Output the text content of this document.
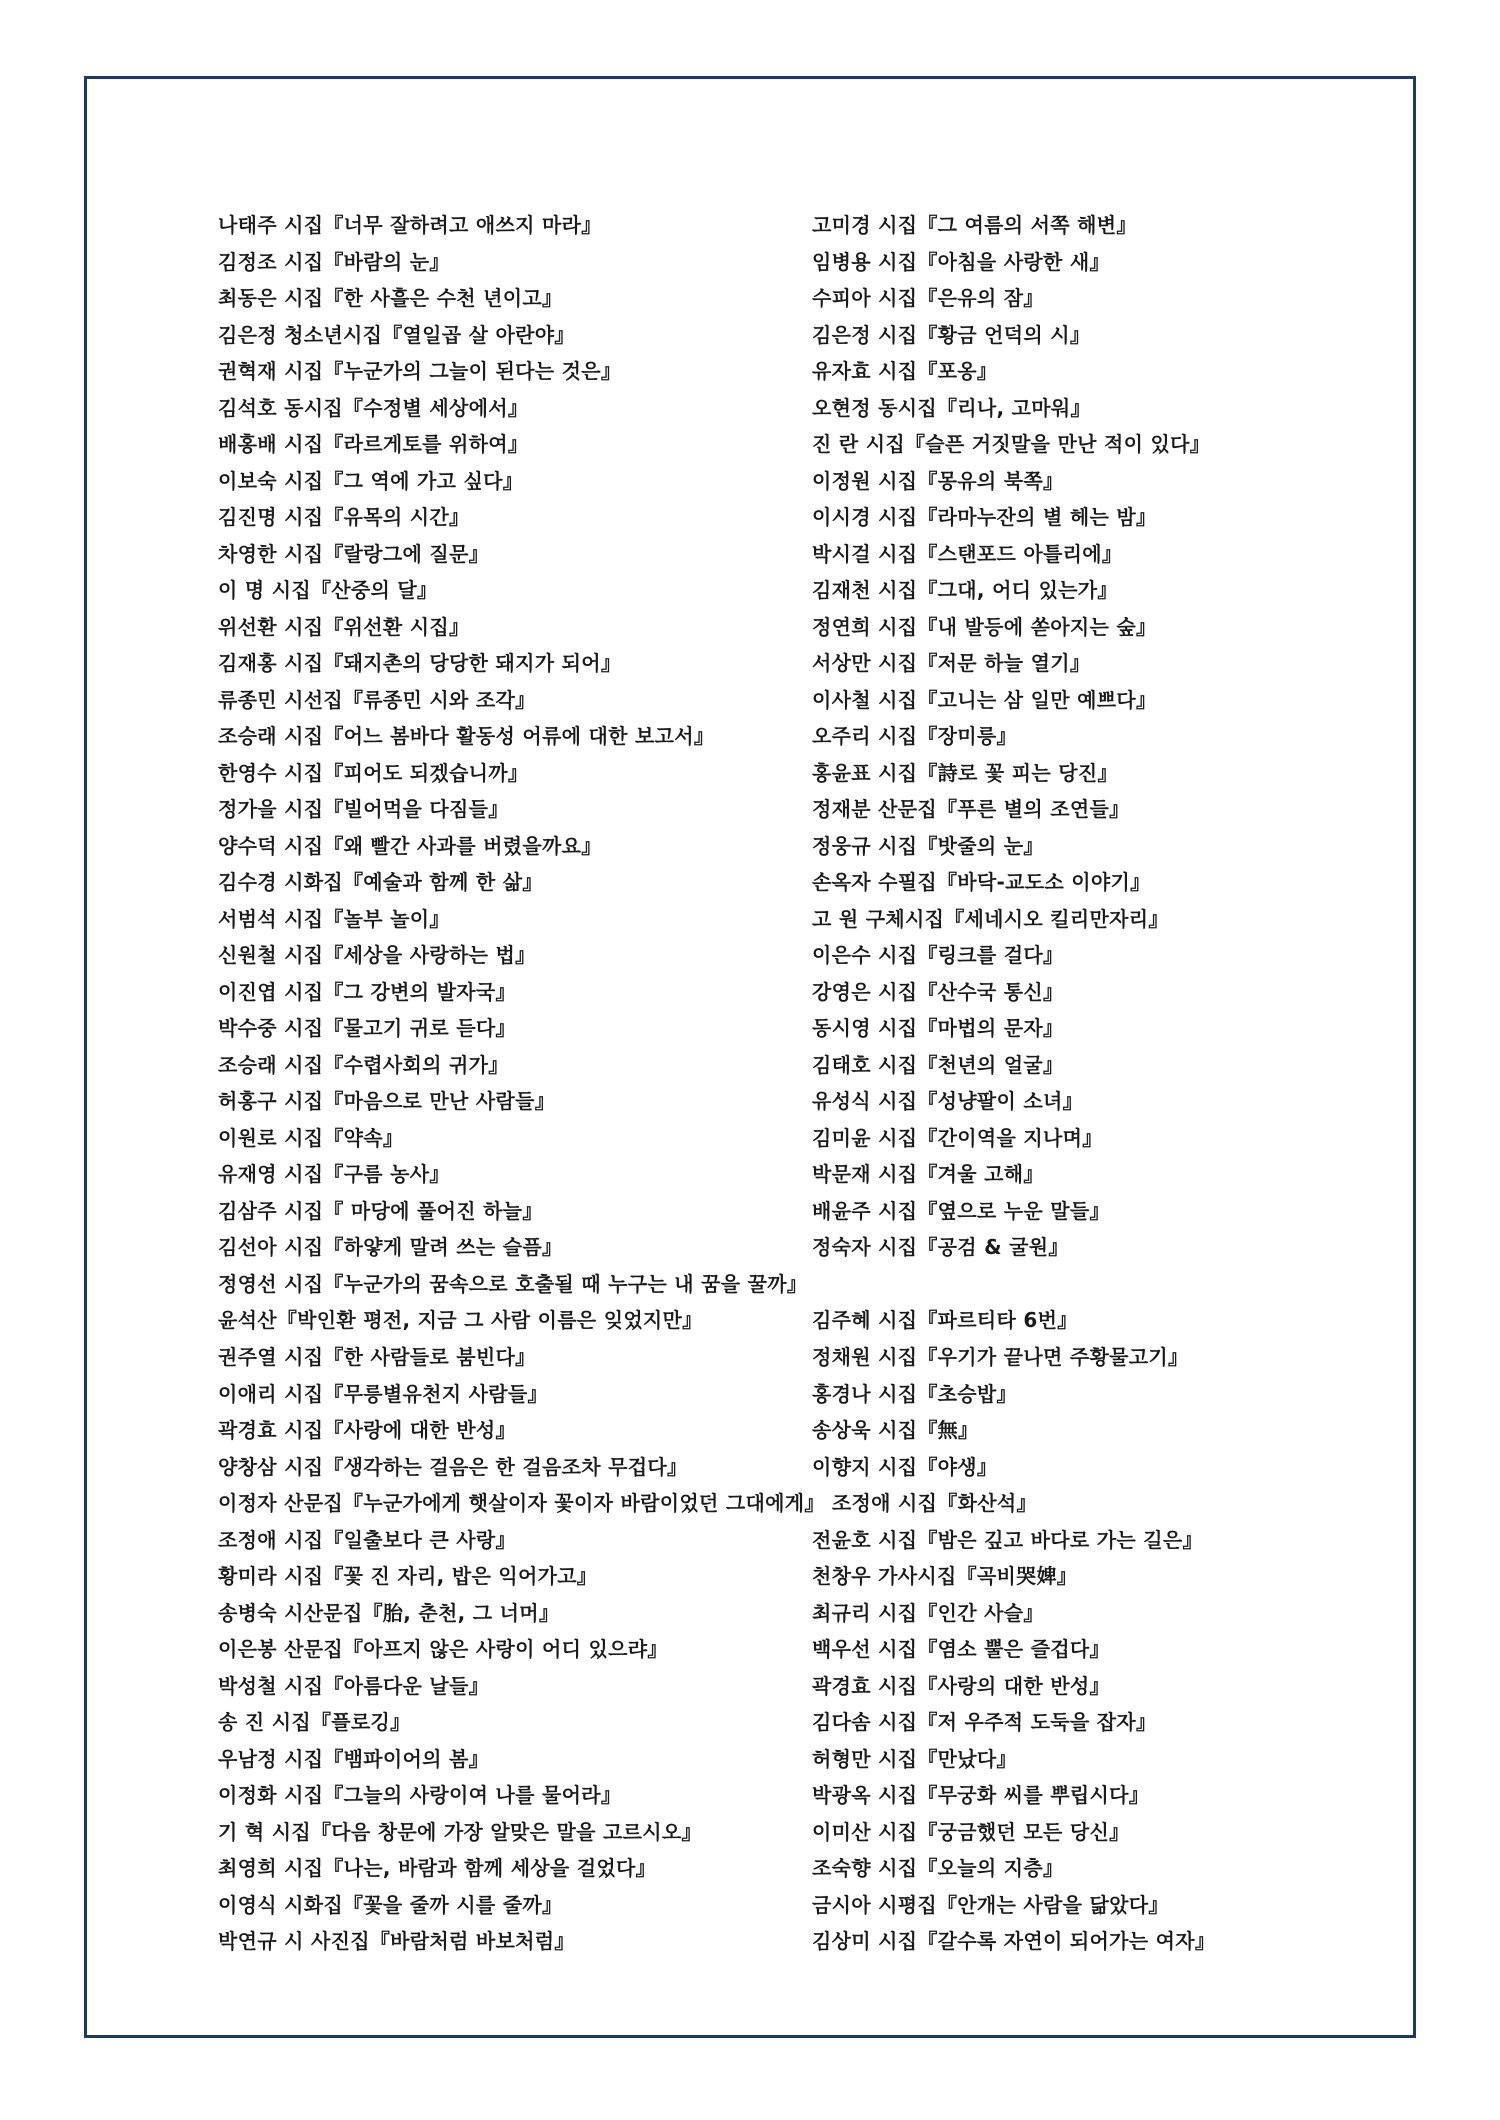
나태주 시집『너무 잘하려고 애쓰지 마라』	고미경 시집『그 여름의 서쪽 해변』
김정조 시집『바람의 눈』	임병용 시집『아침을 사랑한 새』
최동은 시집『한 사흘은 수천 년이고』	수피아 시집『은유의 잠』
김은정 청소년시집『열일곱 살 아란야』	김은정 시집『황금 언덕의 시』
권혁재 시집『누군가의 그늘이 된다는 것은』	유자효 시집『포옹』
김석호 동시집『수정별 세상에서』	오현정 동시집『리나, 고마워』
배홍배 시집『라르게토를 위하여』	진 란 시집『슬픈 거짓말을 만난 적이 있다』
이보숙 시집『그 역에 가고 싶다』	이정원 시집『몽유의 북쪽』
김진명 시집『유목의 시간』	이시경 시집『라마누잔의 별 헤는 밤』
차영한 시집『랄랑그에 질문』	박시걸 시집『스탠포드 아틀리에』
이 명 시집『산중의 달』	김재천 시집『그대, 어디 있는가』
위선환 시집『위선환 시집』	정연희 시집『내 발등에 쏟아지는 숲』
김재홍 시집『돼지촌의 당당한 돼지가 되어』	서상만 시집『저문 하늘 열기』
류종민 시선집『류종민 시와 조각』	이사철 시집『고니는 삼 일만 예쁘다』
조승래 시집『어느 봄바다 활동성 어류에 대한 보고서』	오주리 시집『장미릉』
한영수 시집『피어도 되겠습니까』	홍윤표 시집『詩로 꽃 피는 당진』
정가을 시집『빌어먹을 다짐들』	정재분 산문집『푸른 별의 조연들』
양수덕 시집『왜 빨간 사과를 버렸을까요』	정웅규 시집『밧줄의 눈』
김수경 시화집『예술과 함께 한 삶』	손옥자 수필집『바닥-교도소 이야기』
서범석 시집『놀부 놀이』	고 원 구체시집『세네시오 킬리만자리』
신원철 시집『세상을 사랑하는 법』	이은수 시집『링크를 걸다』
이진엽 시집『그 강변의 발자국』	강영은 시집『산수국 통신』
박수중 시집『물고기 귀로 듣다』	동시영 시집『마법의 문자』
조승래 시집『수렵사회의 귀가』	김태호 시집『천년의 얼굴』
허홍구 시집『마음으로 만난 사람들』	유성식 시집『성냥팔이 소녀』
이원로 시집『약속』	김미윤 시집『간이역을 지나며』
유재영 시집『구름 농사』	박문재 시집『겨울 고해』
김삼주 시집『 마당에 풀어진 하늘』	배윤주 시집『옆으로 누운 말들』
김선아 시집『하얗게 말려 쓰는 슬픔』	정숙자 시집『공검 & 굴원』
정영선 시집『누군가의 꿈속으로 호출될 때 누구는 내 꿈을 꿀까』
윤석산『박인환 평전, 지금 그 사람 이름은 잊었지만』	김주혜 시집『파르티타 6번』
권주열 시집『한 사람들로 붐빈다』	정채원 시집『우기가 끝나면 주황물고기』
이애리 시집『무릉별유천지 사람들』	홍경나 시집『초승밥』
곽경효 시집『사랑에 대한 반성』	송상욱 시집『無』
양창삼 시집『생각하는 걸음은 한 걸음조차 무겁다』	이향지 시집『야생』
이정자 산문집『누군가에게 햇살이자 꽃이자 바람이었던 그대에게』 조정애 시집『화산석』
조정애 시집『일출보다 큰 사랑』	전윤호 시집『밤은 깊고 바다로 가는 길은』
황미라 시집『꽃 진 자리, 밥은 익어가고』	천창우 가사시집『곡비哭婢』
송병숙 시산문집『胎, 춘천, 그 너머』	최규리 시집『인간 사슬』
이은봉 산문집『아프지 않은 사랑이 어디 있으랴』	백우선 시집『염소 뿔은 즐겁다』
박성철 시집『아름다운 날들』	곽경효 시집『사랑의 대한 반성』
송 진 시집『플로깅』	김다솜 시집『저 우주적 도둑을 잡자』
우남정 시집『뱀파이어의 봄』	허형만 시집『만났다』
이정화 시집『그늘의 사랑이여 나를 물어라』	박광옥 시집『무궁화 씨를 뿌립시다』
기 혁 시집『다음 창문에 가장 알맞은 말을 고르시오』	이미산 시집『궁금했던 모든 당신』
최영희 시집『나는, 바람과 함께 세상을 걸었다』	조숙향 시집『오늘의 지층』
이영식 시화집『꽃을 줄까 시를 줄까』	금시아 시평집『안개는 사람을 닮았다』
박연규 시 사진집『바람처럼 바보처럼』	김상미 시집『갈수록 자연이 되어가는 여자』
